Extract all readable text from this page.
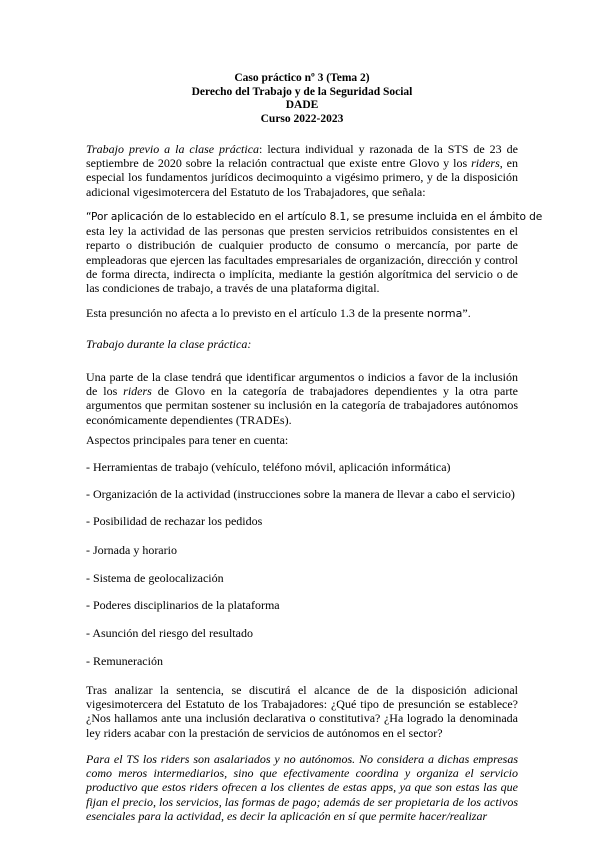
Caso práctico nº 3 (Tema 2)
Derecho del Trabajo y de la Seguridad Social
DADE
Curso 2022-2023
Trabajo previo a la clase práctica: lectura individual y razonada de la STS de 23 de septiembre de 2020 sobre la relación contractual que existe entre Glovo y los riders, en especial los fundamentos jurídicos decimoquinto a vigésimo primero, y de la disposición adicional vigesimotercera del Estatuto de los Trabajadores, que señala:
“Por aplicación de lo establecido en el artículo 8.1, se presume incluida en el ámbito de
esta ley la actividad de las personas que presten servicios retribuidos consistentes en el reparto o distribución de cualquier producto de consumo o mercancía, por parte de empleadoras que ejercen las facultades empresariales de organización, dirección y control de forma directa, indirecta o implícita, mediante la gestión algorítmica del servicio o de las condiciones de trabajo, a través de una plataforma digital.
Esta presunción no afecta a lo previsto en el artículo 1.3 de la presente norma”.
Trabajo durante la clase práctica:
Una parte de la clase tendrá que identificar argumentos o indicios a favor de la inclusión de los riders de Glovo en la categoría de trabajadores dependientes y la otra parte argumentos que permitan sostener su inclusión en la categoría de trabajadores autónomos económicamente dependientes (TRADEs).
Aspectos principales para tener en cuenta:
- Herramientas de trabajo (vehículo, teléfono móvil, aplicación informática)
- Organización de la actividad (instrucciones sobre la manera de llevar a cabo el servicio)
- Posibilidad de rechazar los pedidos
- Jornada y horario
- Sistema de geolocalización
- Poderes disciplinarios de la plataforma
- Asunción del riesgo del resultado
- Remuneración
Tras analizar la sentencia, se discutirá el alcance de de la disposición adicional vigesimotercera del Estatuto de los Trabajadores: ¿Qué tipo de presunción se establece? ¿Nos hallamos ante una inclusión declarativa o constitutiva? ¿Ha logrado la denominada ley riders acabar con la prestación de servicios de autónomos en el sector?
Para el TS los riders son asalariados y no autónomos. No considera a dichas empresas como meros intermediarios, sino que efectivamente coordina y organiza el servicio productivo que estos riders ofrecen a los clientes de estas apps, ya que son estas las que fijan el precio, los servicios, las formas de pago; además de ser propietaria de los activos esenciales para la actividad, es decir la aplicación en sí que permite hacer/realizar
